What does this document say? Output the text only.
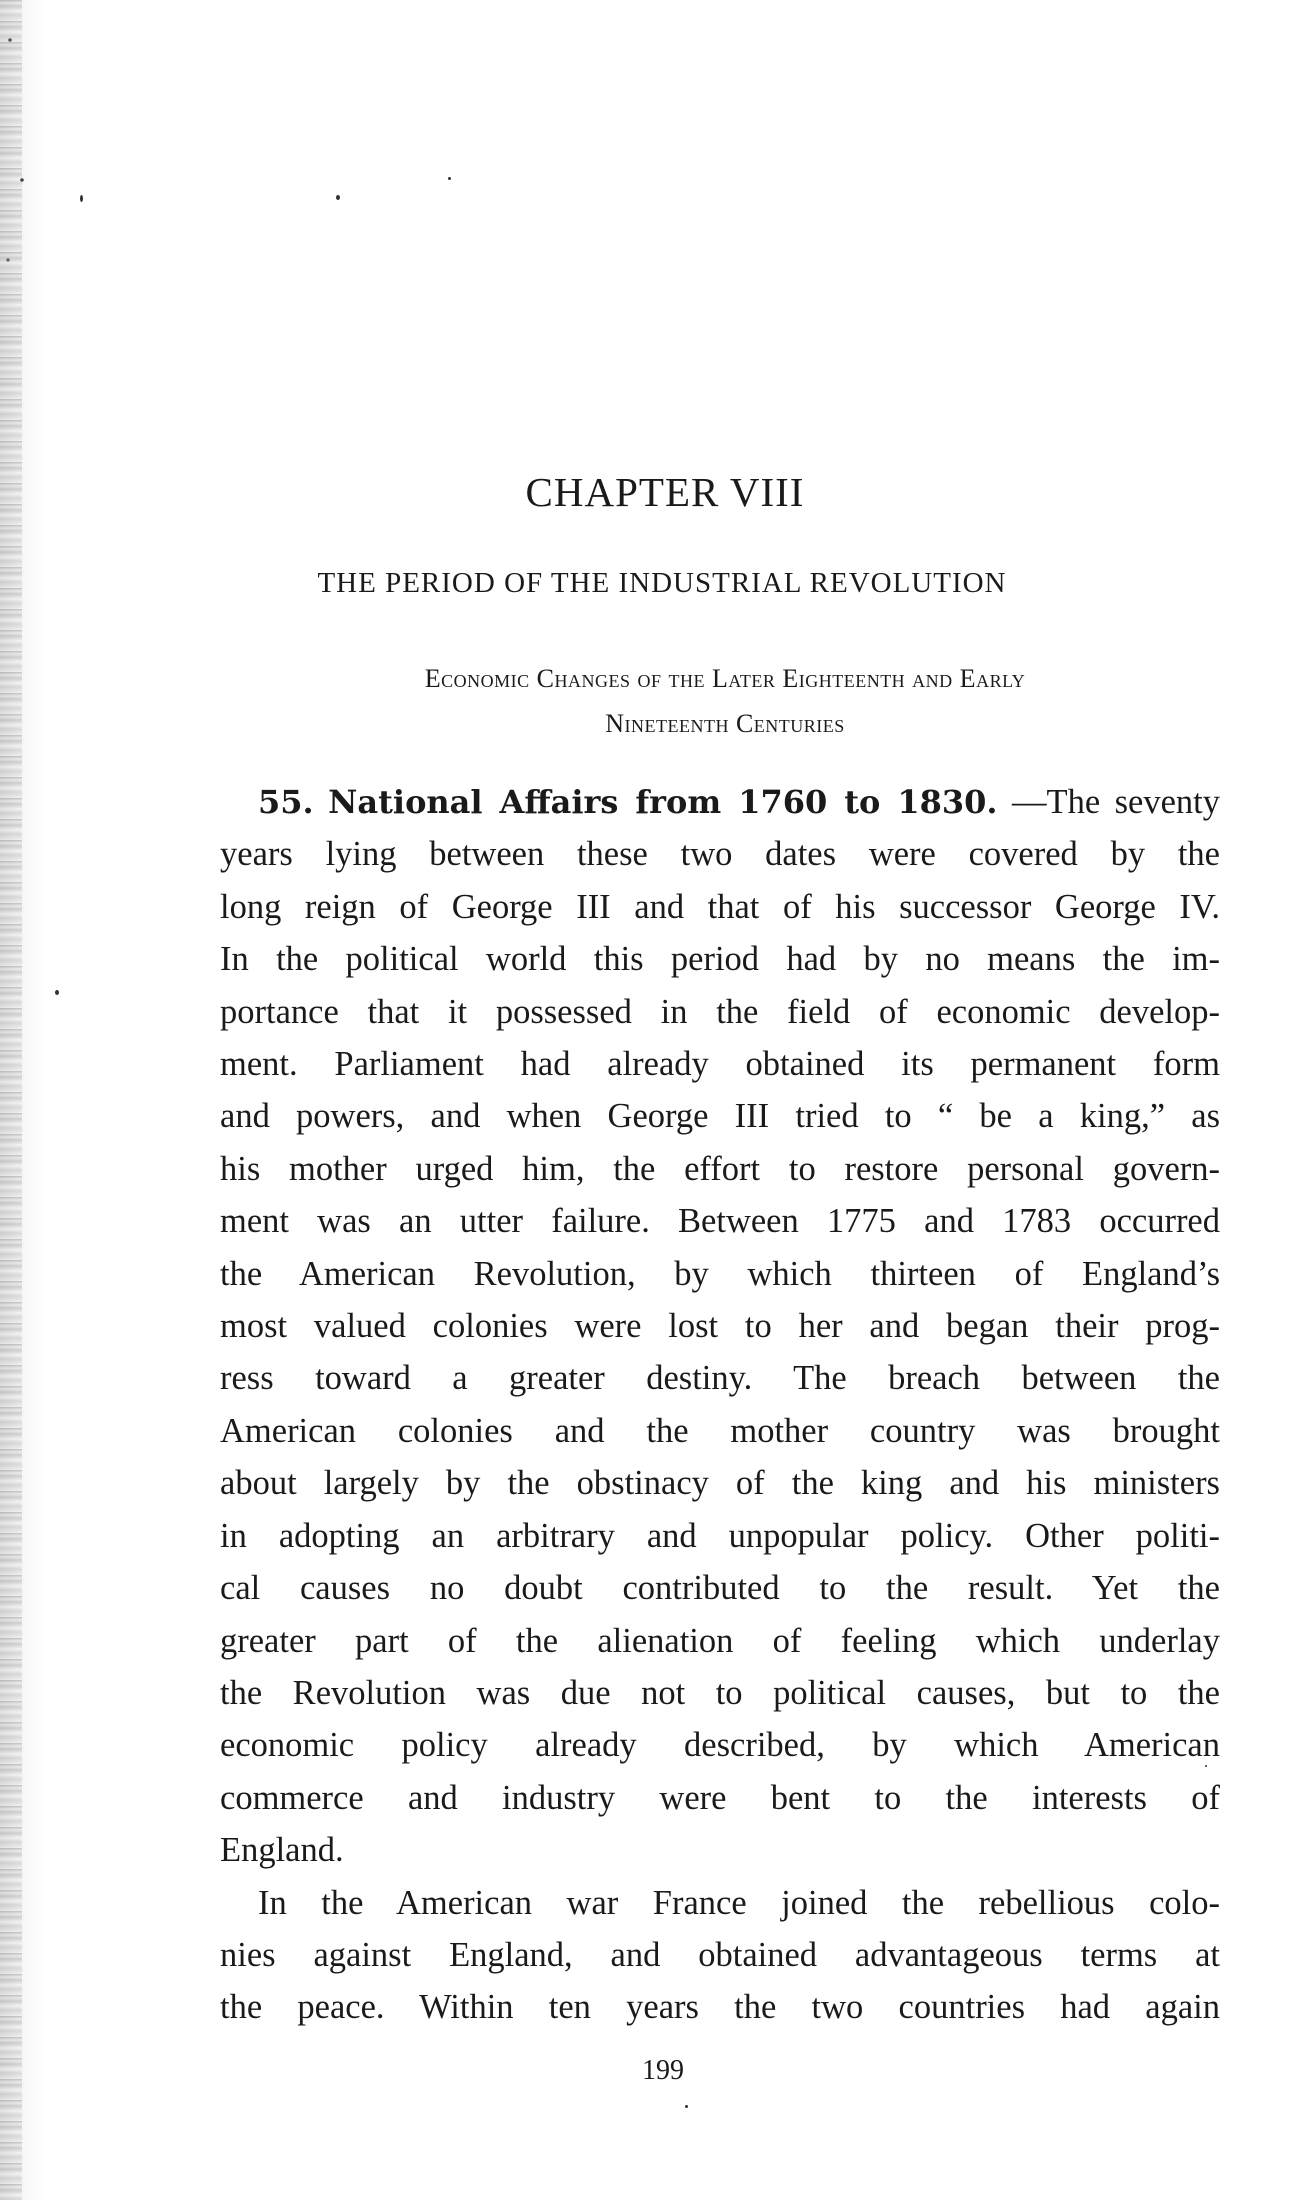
CHAPTER VIII
THE PERIOD OF THE INDUSTRIAL REVOLUTION
Economic Changes of the Later Eighteenth and Early
Nineteenth Centuries
55. National Affairs from 1760 to 1830. —The seventy
years lying between these two dates were covered by the
long reign of George III and that of his successor George IV.
In the political world this period had by no means the im-
portance that it possessed in the field of economic develop-
ment. Parliament had already obtained its permanent form
and powers, and when George III tried to “ be a king,” as
his mother urged him, the effort to restore personal govern-
ment was an utter failure. Between 1775 and 1783 occurred
the American Revolution, by which thirteen of England’s
most valued colonies were lost to her and began their prog-
ress toward a greater destiny. The breach between the
American colonies and the mother country was brought
about largely by the obstinacy of the king and his ministers
in adopting an arbitrary and unpopular policy. Other politi-
cal causes no doubt contributed to the result. Yet the
greater part of the alienation of feeling which underlay
the Revolution was due not to political causes, but to the
economic policy already described, by which American
commerce and industry were bent to the interests of
England.
In the American war France joined the rebellious colo-
nies against England, and obtained advantageous terms at
the peace. Within ten years the two countries had again
199
